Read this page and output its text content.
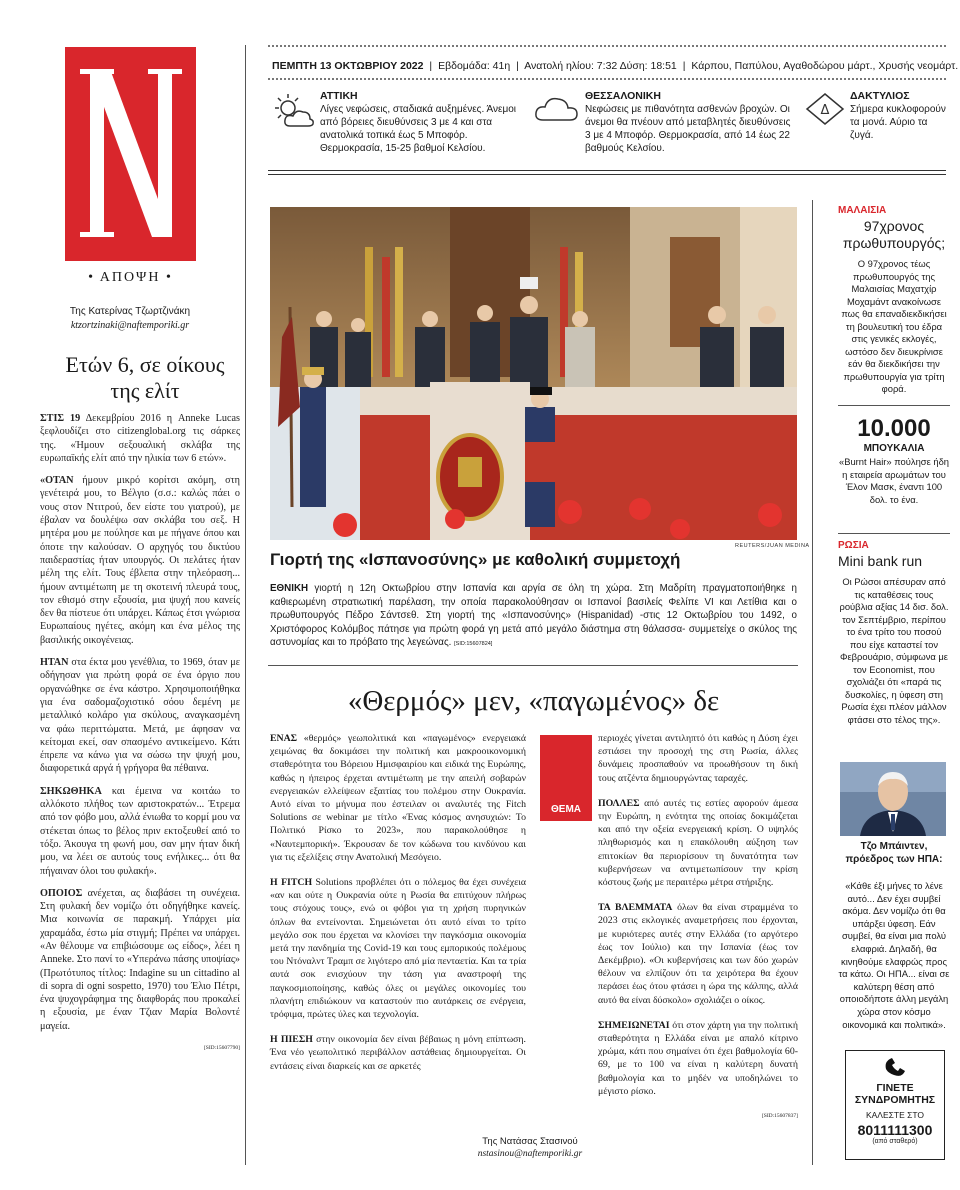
• ΑΠΟΨΗ •
Της Κατερίνας Τζωρτζινάκη
ktzortzinaki@naftemporiki.gr
Ετών 6, σε οίκους της ελίτ

ΣΤΙΣ 19 Δεκεμβρίου 2016 η Anneke Lucas ξεφλουδίζει στο citizenglobal.org τις σάρκες της. «Ήμουν σεξουαλική σκλάβα της ευρωπαϊκής ελίτ από την ηλικία των 6 ετών».

«ΟΤΑΝ ήμουν μικρό κορίτσι ακόμη, στη γενέτειρά μου, το Βέλγιο (σ.σ.: καλώς πάει ο νους στον Ντιτρού, δεν είστε του γιατρού), με έβαλαν να δουλέψω σαν σκλάβα του σεξ. Η μητέρα μου με πούλησε και με πήγανε όπου και όποτε την καλούσαν. Ο αρχηγός του δικτύου παιδεραστίας ήταν υπουργός. Οι πελάτες ήταν μέλη της ελίτ. Τους έβλεπα στην τηλεόραση... ήμουν αντιμέτωπη με τη σκοτεινή πλευρά τους, τον εθισμό στην εξουσία, μια ψυχή που κανείς δεν θα πίστευε ότι υπάρχει. Κάπως έτσι γνώρισα Ευρωπαίους ηγέτες, ακόμη και ένα μέλος της βασιλικής οικογένειας.

ΗΤΑΝ στα έκτα μου γενέθλια, το 1969, όταν με οδήγησαν για πρώτη φορά σε ένα όργιο που οργανώθηκε σε ένα κάστρο. Χρησιμοποιήθηκα για ένα σαδομαζοχιστικό σόου δεμένη με μεταλλικό κολάρο για σκύλους, αναγκασμένη να φάω περιττώματα. Μετά, με άφησαν να κείτομαι εκεί, σαν σπασμένο αντικείμενο. Κάτι έπρεπε να κάνω για να σώσω την ψυχή μου, διαφορετικά αργά ή γρήγορα θα πέθαινα.

ΣΗΚΩΘΗΚΑ και έμεινα να κοιτάω το αλλόκοτο πλήθος των αριστοκρατών... Έτρεμα από τον φόβο μου, αλλά ένιωθα το κορμί μου να στέκεται όπως το βέλος πριν εκτοξευθεί από το τόξο. Άκουγα τη φωνή μου, σαν μην ήταν δική μου, να λέει σε αυτούς τους ενήλικες... ότι θα πήγαιναν όλοι του φυλακή».

ΟΠΟΙΟΣ ανέχεται, ας διαβάσει τη συνέχεια. Στη φυλακή δεν νομίζω ότι οδηγήθηκε κανείς. Μια κοινωνία σε παρακμή. Υπάρχει μία χαραμάδα, έστω μία στιγμή; Πρέπει να υπάρχει. «Αν θέλουμε να επιβιώσουμε ως είδος», λέει η Anneke. Στο πανί το «Υπεράνω πάσης υποψίας» (Πρωτότυπος τίτλος: Indagine su un cittadino al di sopra di ogni sospetto, 1970) του Έλιο Πέτρι, ένα ψυχογράφημα της διαφθοράς που προκαλεί η εξουσία, με έναν Τζιαν Μαρία Βολοντέ μαγεία.

[SID:15607790]
ΠΕΜΠΤΗ 13 ΟΚΤΩΒΡΙΟΥ 2022 | Εβδομάδα: 41η | Ανατολή ηλίου: 7:32 Δύση: 18:51 | Κάρπου, Παπύλου, Αγαθοδώρου μάρτ., Χρυσής νεομάρτ.
ΑΤΤΙΚΗ
Λίγες νεφώσεις, σταδιακά αυξημένες. Άνεμοι από βόρειες διευθύνσεις 3 με 4 και στα ανατολικά τοπικά έως 5 Μποφόρ. Θερμοκρασία, 15-25 βαθμοί Κελσίου.
ΘΕΣΣΑΛΟΝΙΚΗ
Νεφώσεις με πιθανότητα ασθενών βροχών. Οι άνεμοι θα πνέουν από μεταβλητές διευθύνσεις 3 με 4 Μποφόρ. Θερμοκρασία, από 14 έως 22 βαθμούς Κελσίου.
Δ
ΔΑΚΤΥΛΙΟΣ
Σήμερα κυκλοφορούν τα μονά. Αύριο τα ζυγά.
REUTERS/JUAN MEDINA
Γιορτή της «Ισπανοσύνης» με καθολική συμμετοχή
ΕΘΝΙΚΗ γιορτή η 12η Οκτωβρίου στην Ισπανία και αργία σε όλη τη χώρα. Στη Μαδρίτη πραγματοποιήθηκε η καθιερωμένη στρατιωτική παρέλαση, την οποία παρακολούθησαν οι Ισπανοί βασιλείς Φελίπε VI και Λετίθια και ο πρωθυπουργός Πέδρο Σάντσεθ. Στη γιορτή της «Ισπανοσύνης» (Hispanidad) -στις 12 Οκτωβρίου του 1492, ο Χριστόφορος Κολόμβος πάτησε για πρώτη φορά γη μετά από μεγάλο διάστημα στη θάλασσα- συμμετείχε ο σκύλος της αστυνομίας και το πρόβατο της λεγεώνας. [SID:15607824]
«Θερμός» μεν, «παγωμένος» δε

ΕΝΑΣ «θερμός» γεωπολιτικά και «παγωμένος» ενεργειακά χειμώνας θα δοκιμάσει την πολιτική και μακροοικονομική σταθερότητα του Βόρειου Ημισφαιρίου και ειδικά της Ευρώπης, καθώς η ήπειρος έρχεται αντιμέτωπη με την απειλή σοβαρών ενεργειακών ελλείψεων εξαιτίας του πολέμου στην Ουκρανία. Αυτό είναι το μήνυμα που έστειλαν οι αναλυτές της Fitch Solutions σε webinar με τίτλο «Ένας κόσμος ανησυχιών: Το Πολιτικό Ρίσκο το 2023», που παρακολούθησε η «Ναυτεμπορική». Έκρουσαν δε τον κώδωνα του κινδύνου και για τις εξελίξεις στην Ανατολική Μεσόγειο.

Η FITCH Solutions προβλέπει ότι ο πόλεμος θα έχει συνέχεια «αν και ούτε η Ουκρανία ούτε η Ρωσία θα επιτύχουν πλήρως τους στόχους τους», ενώ οι φόβοι για τη χρήση πυρηνικών όπλων θα εντείνονται. Σημειώνεται ότι αυτό είναι το τρίτο μεγάλο σοκ που έρχεται να κλονίσει την παγκόσμια οικονομία μετά την πανδημία της Covid-19 και τους εμπορικούς πολέμους του Ντόναλντ Τραμπ σε λιγότερο από μία πενταετία. Και τα τρία αυτά σοκ ενισχύουν την τάση για αναστροφή της παγκοσμιοποίησης, καθώς όλες οι μεγάλες οικονομίες του πλανήτη επιδιώκουν να καταστούν πιο αυτάρκεις σε ενέργεια, τρόφιμα, πρώτες ύλες και τεχνολογία.

Η ΠΙΕΣΗ στην οικονομία δεν είναι βέβαιως η μόνη επίπτωση. Ένα νέο γεωπολιτικό περιβάλλον αστάθειας δημιουργείται. Οι εντάσεις είναι διαρκείς και σε αρκετές

ΘΕΜΑ

περιοχές γίνεται αντιληπτό ότι καθώς η Δύση έχει εστιάσει την προσοχή της στη Ρωσία, άλλες δυνάμεις προσπαθούν να προωθήσουν τη δική τους ατζέντα δημιουργώντας ταραχές.

ΠΟΛΛΕΣ από αυτές τις εστίες αφορούν άμεσα την Ευρώπη, η ενότητα της οποίας δοκιμάζεται και από την οξεία ενεργειακή κρίση. Ο υψηλός πληθωρισμός και η επακόλουθη αύξηση των επιτοκίων θα περιορίσουν τη δυνατότητα των κυβερνήσεων να αντιμετωπίσουν την κρίση κόστους ζωής με περαιτέρω μέτρα στήριξης.

ΤΑ ΒΛΕΜΜΑΤΑ όλων θα είναι στραμμένα το 2023 στις εκλογικές αναμετρήσεις που έρχονται, με κυριότερες αυτές στην Ελλάδα (το αργότερο έως τον Ιούλιο) και την Ισπανία (έως τον Δεκέμβριο). «Οι κυβερνήσεις και των δύο χωρών θέλουν να ελπίζουν ότι τα χειρότερα θα έχουν περάσει έως ότου φτάσει η ώρα της κάλπης, αλλά αυτό θα είναι δύσκολο» σχολιάζει ο οίκος.

ΣΗΜΕΙΩΝΕΤΑΙ ότι στον χάρτη για την πολιτική σταθερότητα η Ελλάδα είναι με απαλό κίτρινο χρώμα, κάτι που σημαίνει ότι έχει βαθμολογία 60-69, με το 100 να είναι η καλύτερη δυνατή βαθμολογία και το μηδέν να υποδηλώνει το μέγιστο ρίσκο.

[SID:15607837]
Της Νατάσας Στασινού
nstasinou@naftemporiki.gr
ΜΑΛΑΙΣΙΑ
97χρονος πρωθυπουργός;
Ο 97χρονος τέως πρωθυπουργός της Μαλαισίας Μαχατχίρ Μοχαμάντ ανακοίνωσε πως θα επαναδιεκδικήσει τη βουλευτική του έδρα στις γενικές εκλογές, ωστόσο δεν διευκρίνισε εάν θα διεκδικήσει την πρωθυπουργία για τρίτη φορά.
10.000
ΜΠΟΥΚΑΛΙΑ
«Burnt Hair» πούλησε ήδη η εταιρεία αρωμάτων του Έλον Μασκ, έναντι 100 δολ. το ένα.
ΡΩΣΙΑ
Mini bank run
Οι Ρώσοι απέσυραν από τις καταθέσεις τους ρούβλια αξίας 14 δισ. δολ. τον Σεπτέμβριο, περίπου το ένα τρίτο του ποσού που είχε καταστεί τον Φεβρουάριο, σύμφωνα με τον Economist, που σχολιάζει ότι «παρά τις δυσκολίες, η ύφεση στη Ρωσία έχει πλέον μάλλον φτάσει στο τέλος της».
Τζο Μπάιντεν, πρόεδρος των ΗΠΑ:
«Κάθε έξι μήνες το λένε αυτό... Δεν έχει συμβεί ακόμα. Δεν νομίζω ότι θα υπάρξει ύφεση. Εάν συμβεί, θα είναι μια πολύ ελαφριά. Δηλαδή, θα κινηθούμε ελαφρώς προς τα κάτω. Οι ΗΠΑ... είναι σε καλύτερη θέση από οποιοδήποτε άλλη μεγάλη χώρα στον κόσμο οικονομικά και πολιτικά».
ΓΙΝΕΤΕ ΣΥΝΔΡΟΜΗΤΗΣ
ΚΑΛΕΣΤΕ ΣΤΟ
8011111300
(από σταθερό)
